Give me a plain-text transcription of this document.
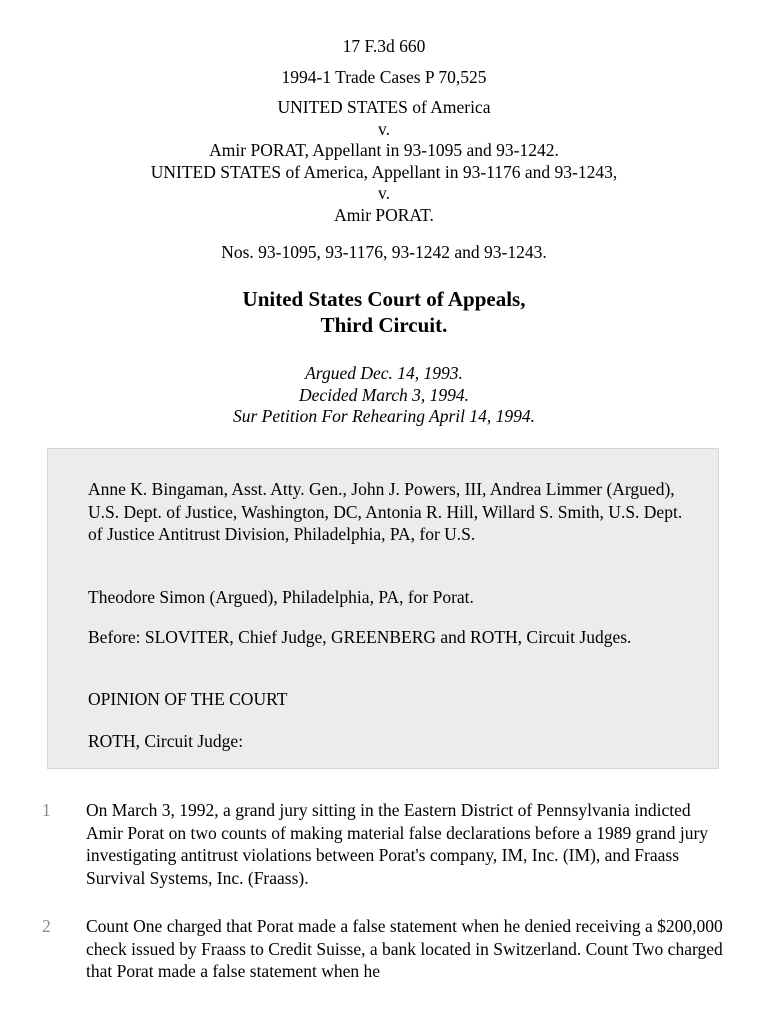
17 F.3d 660
1994-1 Trade Cases P 70,525
UNITED STATES of America
v.
Amir PORAT, Appellant in 93-1095 and 93-1242.
UNITED STATES of America, Appellant in 93-1176 and 93-1243,
v.
Amir PORAT.
Nos. 93-1095, 93-1176, 93-1242 and 93-1243.
United States Court of Appeals,
Third Circuit.
Argued Dec. 14, 1993.
Decided March 3, 1994.
Sur Petition For Rehearing April 14, 1994.

Anne K. Bingaman, Asst. Atty. Gen., John J. Powers, III, Andrea Limmer (Argued), U.S. Dept. of Justice, Washington, DC, Antonia R. Hill, Willard S. Smith, U.S. Dept. of Justice Antitrust Division, Philadelphia, PA, for U.S.

Theodore Simon (Argued), Philadelphia, PA, for Porat.

Before: SLOVITER, Chief Judge, GREENBERG and ROTH, Circuit Judges.

OPINION OF THE COURT

ROTH, Circuit Judge:

1	On March 3, 1992, a grand jury sitting in the Eastern District of Pennsylvania indicted Amir Porat on two counts of making material false declarations before a 1989 grand jury investigating antitrust violations between Porat's company, IM, Inc. (IM), and Fraass Survival Systems, Inc. (Fraass).

2	Count One charged that Porat made a false statement when he denied receiving a $200,000 check issued by Fraass to Credit Suisse, a bank located in Switzerland. Count Two charged that Porat made a false statement when he
